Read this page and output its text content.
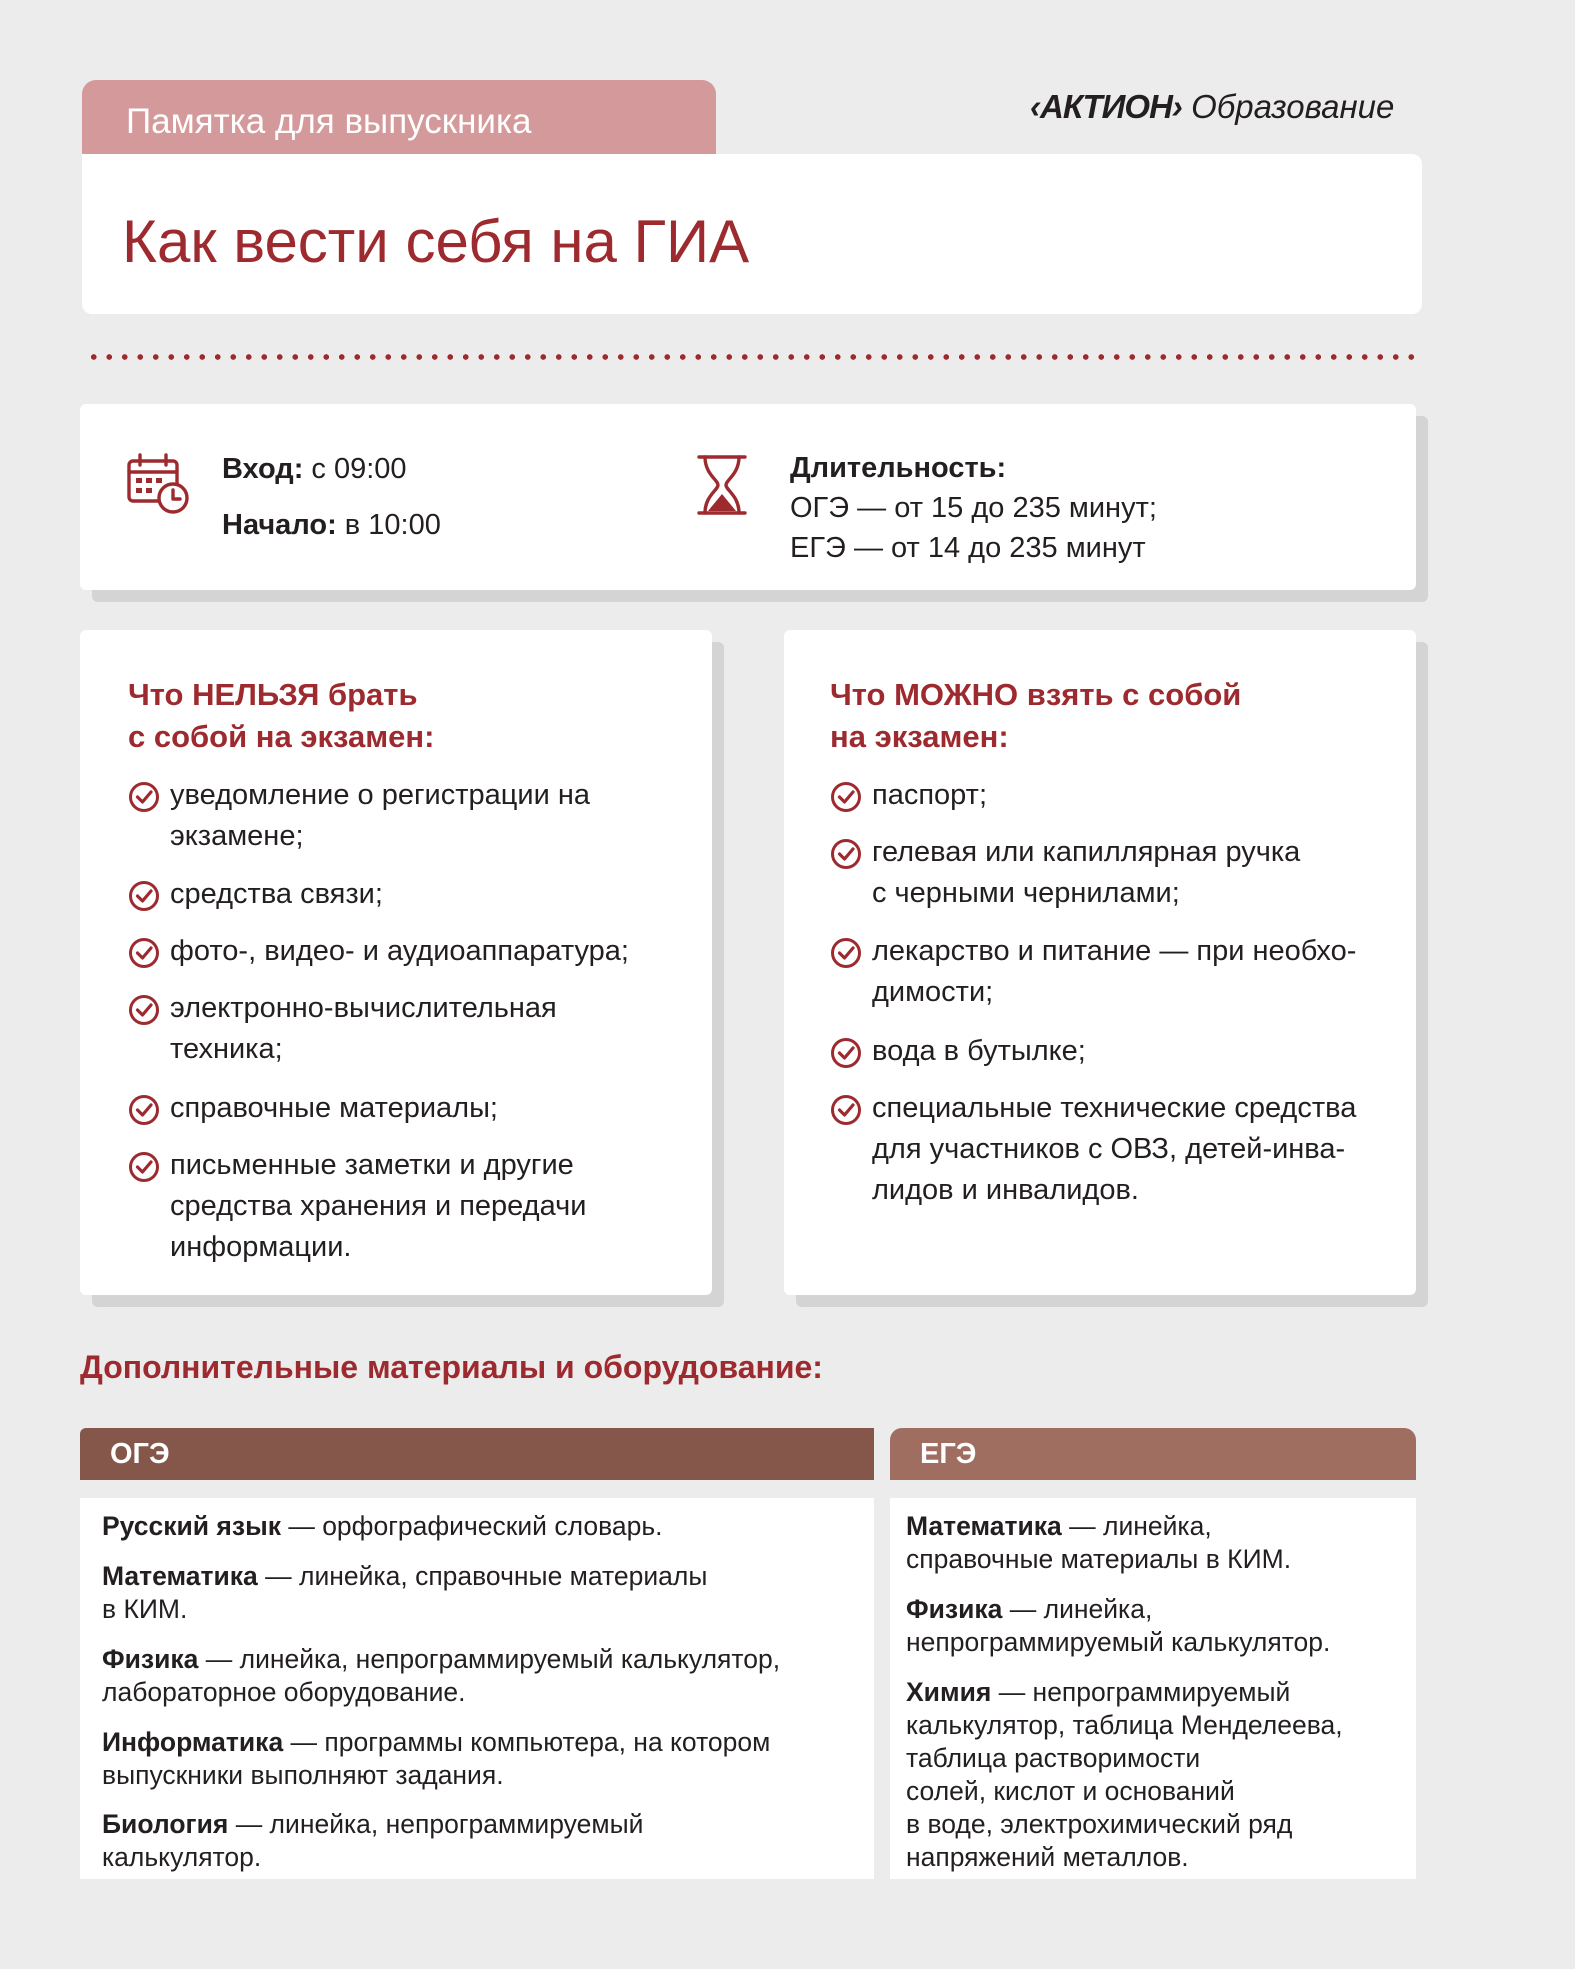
Памятка для выпускника	‹АКТИОН› Образование
Как вести себя на ГИА
Вход: с 09:00
Начало: в 10:00
Длительность:
ОГЭ — от 15 до 235 минут;
ЕГЭ — от 14 до 235 минут
Что НЕЛЬЗЯ брать
с собой на экзамен:
уведомление о регистрации на
экзамене;
средства связи;
фото-, видео- и аудиоаппаратура;
электронно-вычислительная
техника;
справочные материалы;
письменные заметки и другие
средства хранения и передачи
информации.
Что МОЖНО взять с собой
на экзамен:
паспорт;
гелевая или капиллярная ручка
с черными чернилами;
лекарство и питание — при необхо-
димости;
вода в бутылке;
специальные технические средства
для участников с ОВЗ, детей-инва-
лидов и инвалидов.
Дополнительные материалы и оборудование:
ОГЭ	ЕГЭ
Русский язык — орфографический словарь.
Математика — линейка, справочные материалы
в КИМ.
Физика — линейка, непрограммируемый калькулятор,
лабораторное оборудование.
Информатика — программы компьютера, на котором
выпускники выполняют задания.
Биология — линейка, непрограммируемый
калькулятор.
Математика — линейка,
справочные материалы в КИМ.
Физика — линейка,
непрограммируемый калькулятор.
Химия — непрограммируемый
калькулятор, таблица Менделеева,
таблица растворимости
солей, кислот и оснований
в воде, электрохимический ряд
напряжений металлов.
